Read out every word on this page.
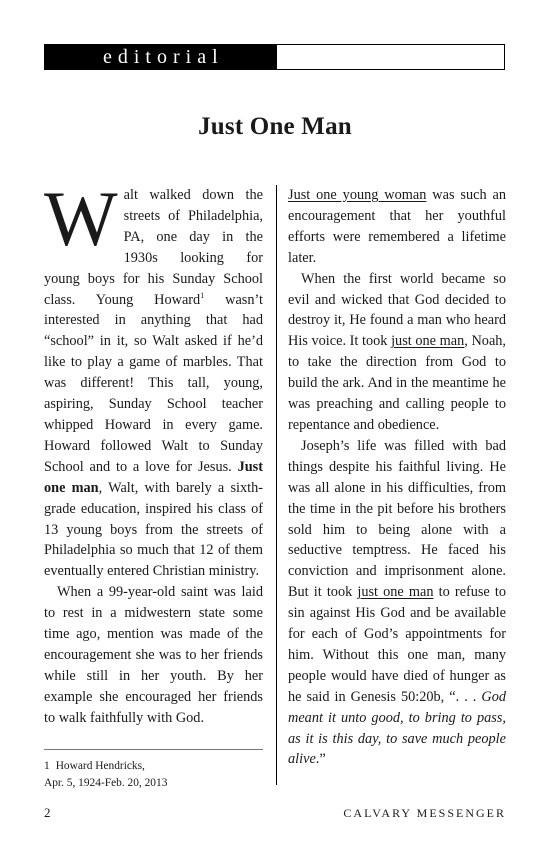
editorial
Just One Man

Walt walked down the streets of Philadelphia, PA, one day in the 1930s looking for young boys for his Sunday School class. Young Howard$^1$ wasn’t interested in anything that had “school” in it, so Walt asked if he’d like to play a game of marbles. That was different! This tall, young, aspiring, Sunday School teacher whipped Howard in every game. Howard followed Walt to Sunday School and to a love for Jesus. Just one man, Walt, with barely a sixth-grade education, inspired his class of 13 young boys from the streets of Philadelphia so much that 12 of them eventually entered Christian ministry.

When a 99-year-old saint was laid to rest in a midwestern state some time ago, mention was made of the encouragement she was to her friends while still in her youth. By her example she encouraged her friends to walk faithfully with God.

Just one young woman was such an encouragement that her youthful efforts were remembered a lifetime later.

When the first world became so evil and wicked that God decided to destroy it, He found a man who heard His voice. It took just one man, Noah, to take the direction from God to build the ark. And in the meantime he was preaching and calling people to repentance and obedience.

Joseph’s life was filled with bad things despite his faithful living. He was all alone in his difficulties, from the time in the pit before his brothers sold him to being alone with a seductive temptress. He faced his conviction and imprisonment alone. But it took just one man to refuse to sin against His God and be available for each of God’s appointments for him. Without this one man, many people would have died of hunger as he said in Genesis 50:20b, “. . . God meant it unto good, to bring to pass, as it is this day, to save much people alive.”

1 Howard Hendricks,
Apr. 5, 1924-Feb. 20, 2013
2	CALVARY MESSENGER
